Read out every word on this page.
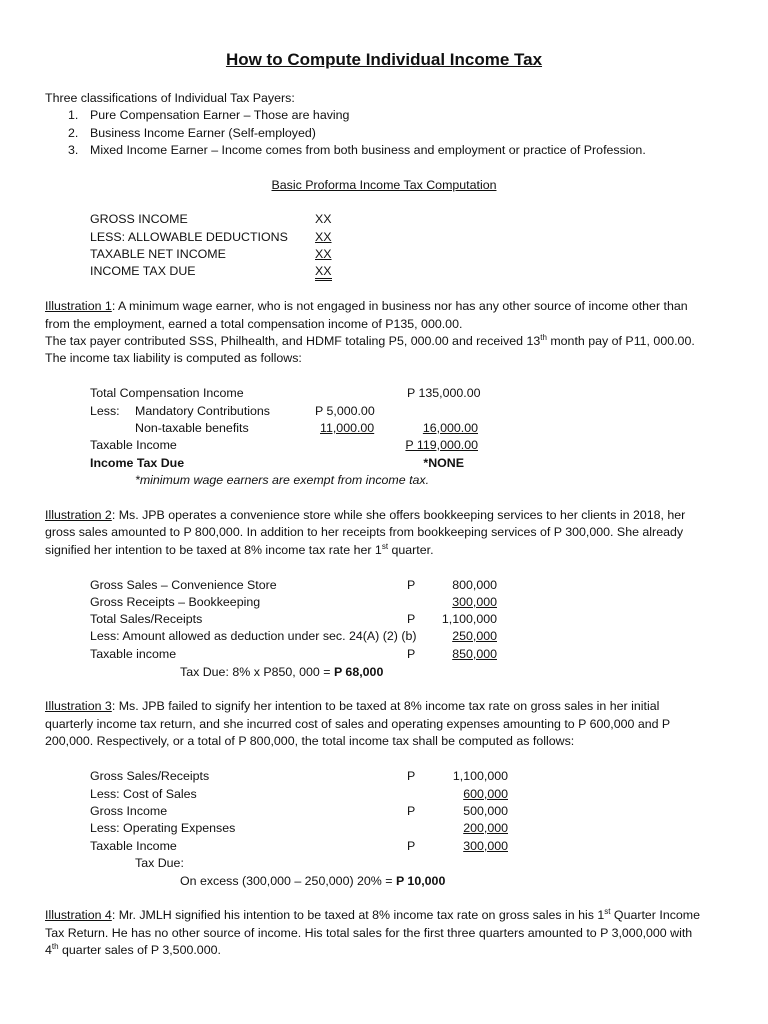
How to Compute Individual Income Tax
Three classifications of Individual Tax Payers:
1. Pure Compensation Earner – Those are having
2. Business Income Earner (Self-employed)
3. Mixed Income Earner – Income comes from both business and employment or practice of Profession.
Basic Proforma Income Tax Computation
GROSS INCOME	XX
LESS: ALLOWABLE DEDUCTIONS XX
TAXABLE NET INCOME	XX
INCOME TAX DUE	XX
Illustration 1: A minimum wage earner, who is not engaged in business nor has any other source of income other than
from the employment, earned a total compensation income of P135, 000.00.
The tax payer contributed SSS, Philhealth, and HDMF totaling P5, 000.00 and received 13th month pay of P11, 000.00.
The income tax liability is computed as follows:
Total Compensation Income	P 135,000.00
Less: Mandatory Contributions	P 5,000.00
Non-taxable benefits	11,000.00	16,000.00
Taxable Income	P 119,000.00
Income Tax Due	*NONE
*minimum wage earners are exempt from income tax.
Illustration 2: Ms. JPB operates a convenience store while she offers bookkeeping services to her clients in 2018, her
gross sales amounted to P 800,000. In addition to her receipts from bookkeeping services of P 300,000. She already
signified her intention to be taxed at 8% income tax rate her 1st quarter.
Gross Sales – Convenience Store	P	800,000
Gross Receipts – Bookkeeping	300,000
Total Sales/Receipts	P	1,100,000
Less: Amount allowed as deduction under sec. 24(A) (2) (b)	250,000
Taxable income	P	850,000
Tax Due: 8% x P850, 000 = P 68,000
Illustration 3: Ms. JPB failed to signify her intention to be taxed at 8% income tax rate on gross sales in her initial
quarterly income tax return, and she incurred cost of sales and operating expenses amounting to P 600,000 and P
200,000. Respectively, or a total of P 800,000, the total income tax shall be computed as follows:
Gross Sales/Receipts	P	1,100,000
Less: Cost of Sales	600,000
Gross Income	P	500,000
Less: Operating Expenses	200,000
Taxable Income	P	300,000
Tax Due:
On excess (300,000 – 250,000) 20% = P 10,000
Illustration 4: Mr. JMLH signified his intention to be taxed at 8% income tax rate on gross sales in his 1st Quarter Income
Tax Return. He has no other source of income. His total sales for the first three quarters amounted to P 3,000,000 with
4th quarter sales of P 3,500.000.
